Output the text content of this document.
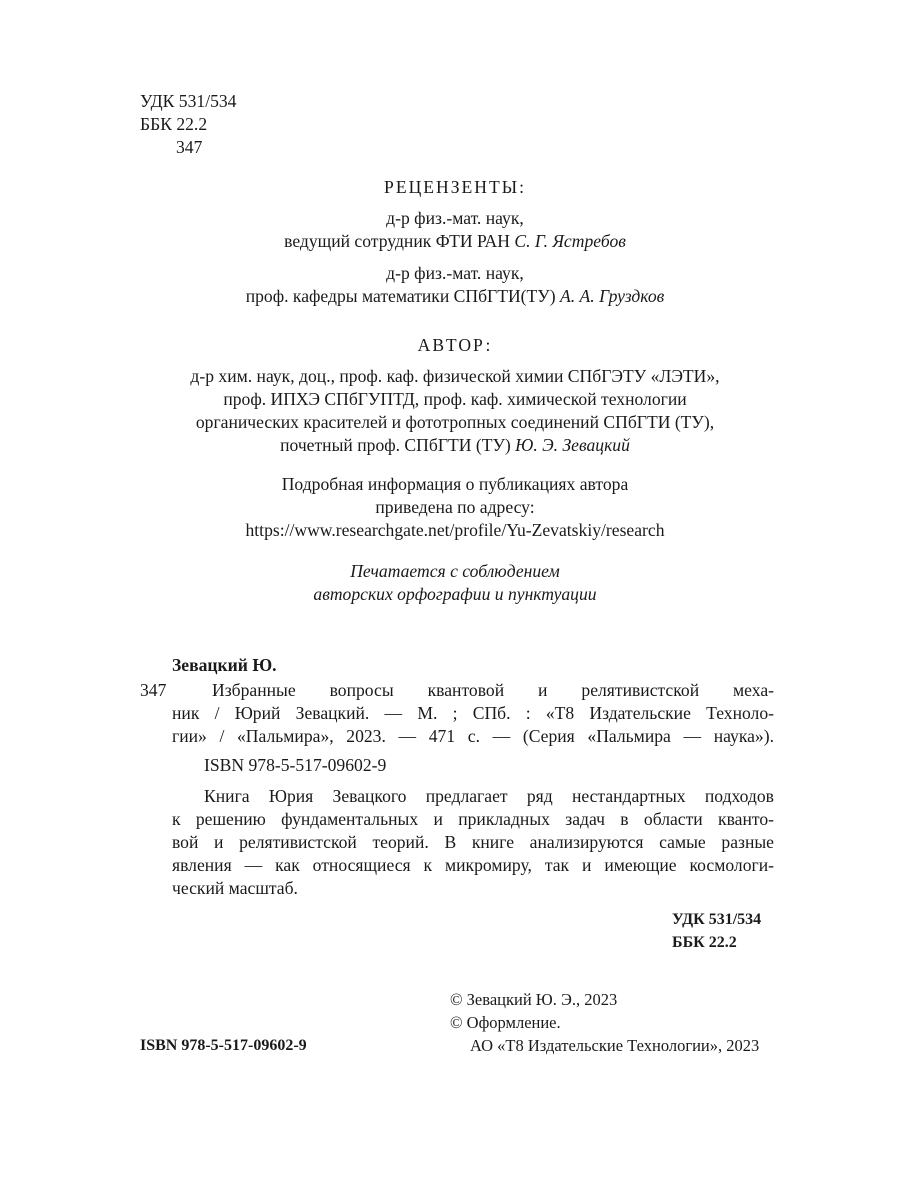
УДК 531/534
ББК 22.2
347
РЕЦЕНЗЕНТЫ:
д-р физ.-мат. наук,
ведущий сотрудник ФТИ РАН С. Г. Ястребов
д-р физ.-мат. наук,
проф. кафедры математики СПбГТИ(ТУ) А. А. Груздков
АВТОР:
д-р хим. наук, доц., проф. каф. физической химии СПбГЭТУ «ЛЭТИ»,
проф. ИПХЭ СПбГУПТД, проф. каф. химической технологии
органических красителей и фототропных соединений СПбГТИ (ТУ),
почетный проф. СПбГТИ (ТУ) Ю. Э. Зевацкий
Подробная информация о публикациях автора
приведена по адресу:
https://www.researchgate.net/profile/Yu-Zevatskiy/research
Печатается с соблюдением
авторских орфографии и пунктуации
Зевацкий Ю.
347	Избранные вопросы квантовой и релятивистской меха-
ник / Юрий Зевацкий. — М. ; СПб. : «Т8 Издательские Техноло-
гии» / «Пальмира», 2023. — 471 с. — (Серия «Пальмира — наука»).
ISBN 978-5-517-09602-9
Книга Юрия Зевацкого предлагает ряд нестандартных подходов
к решению фундаментальных и прикладных задач в области кванто-
вой и релятивистской теорий. В книге анализируются самые разные
явления — как относящиеся к микромиру, так и имеющие космологи-
ческий масштаб.
УДК 531/534
ББК 22.2
© Зевацкий Ю. Э., 2023
© Оформление.
АО «Т8 Издательские Технологии», 2023
ISBN 978-5-517-09602-9
